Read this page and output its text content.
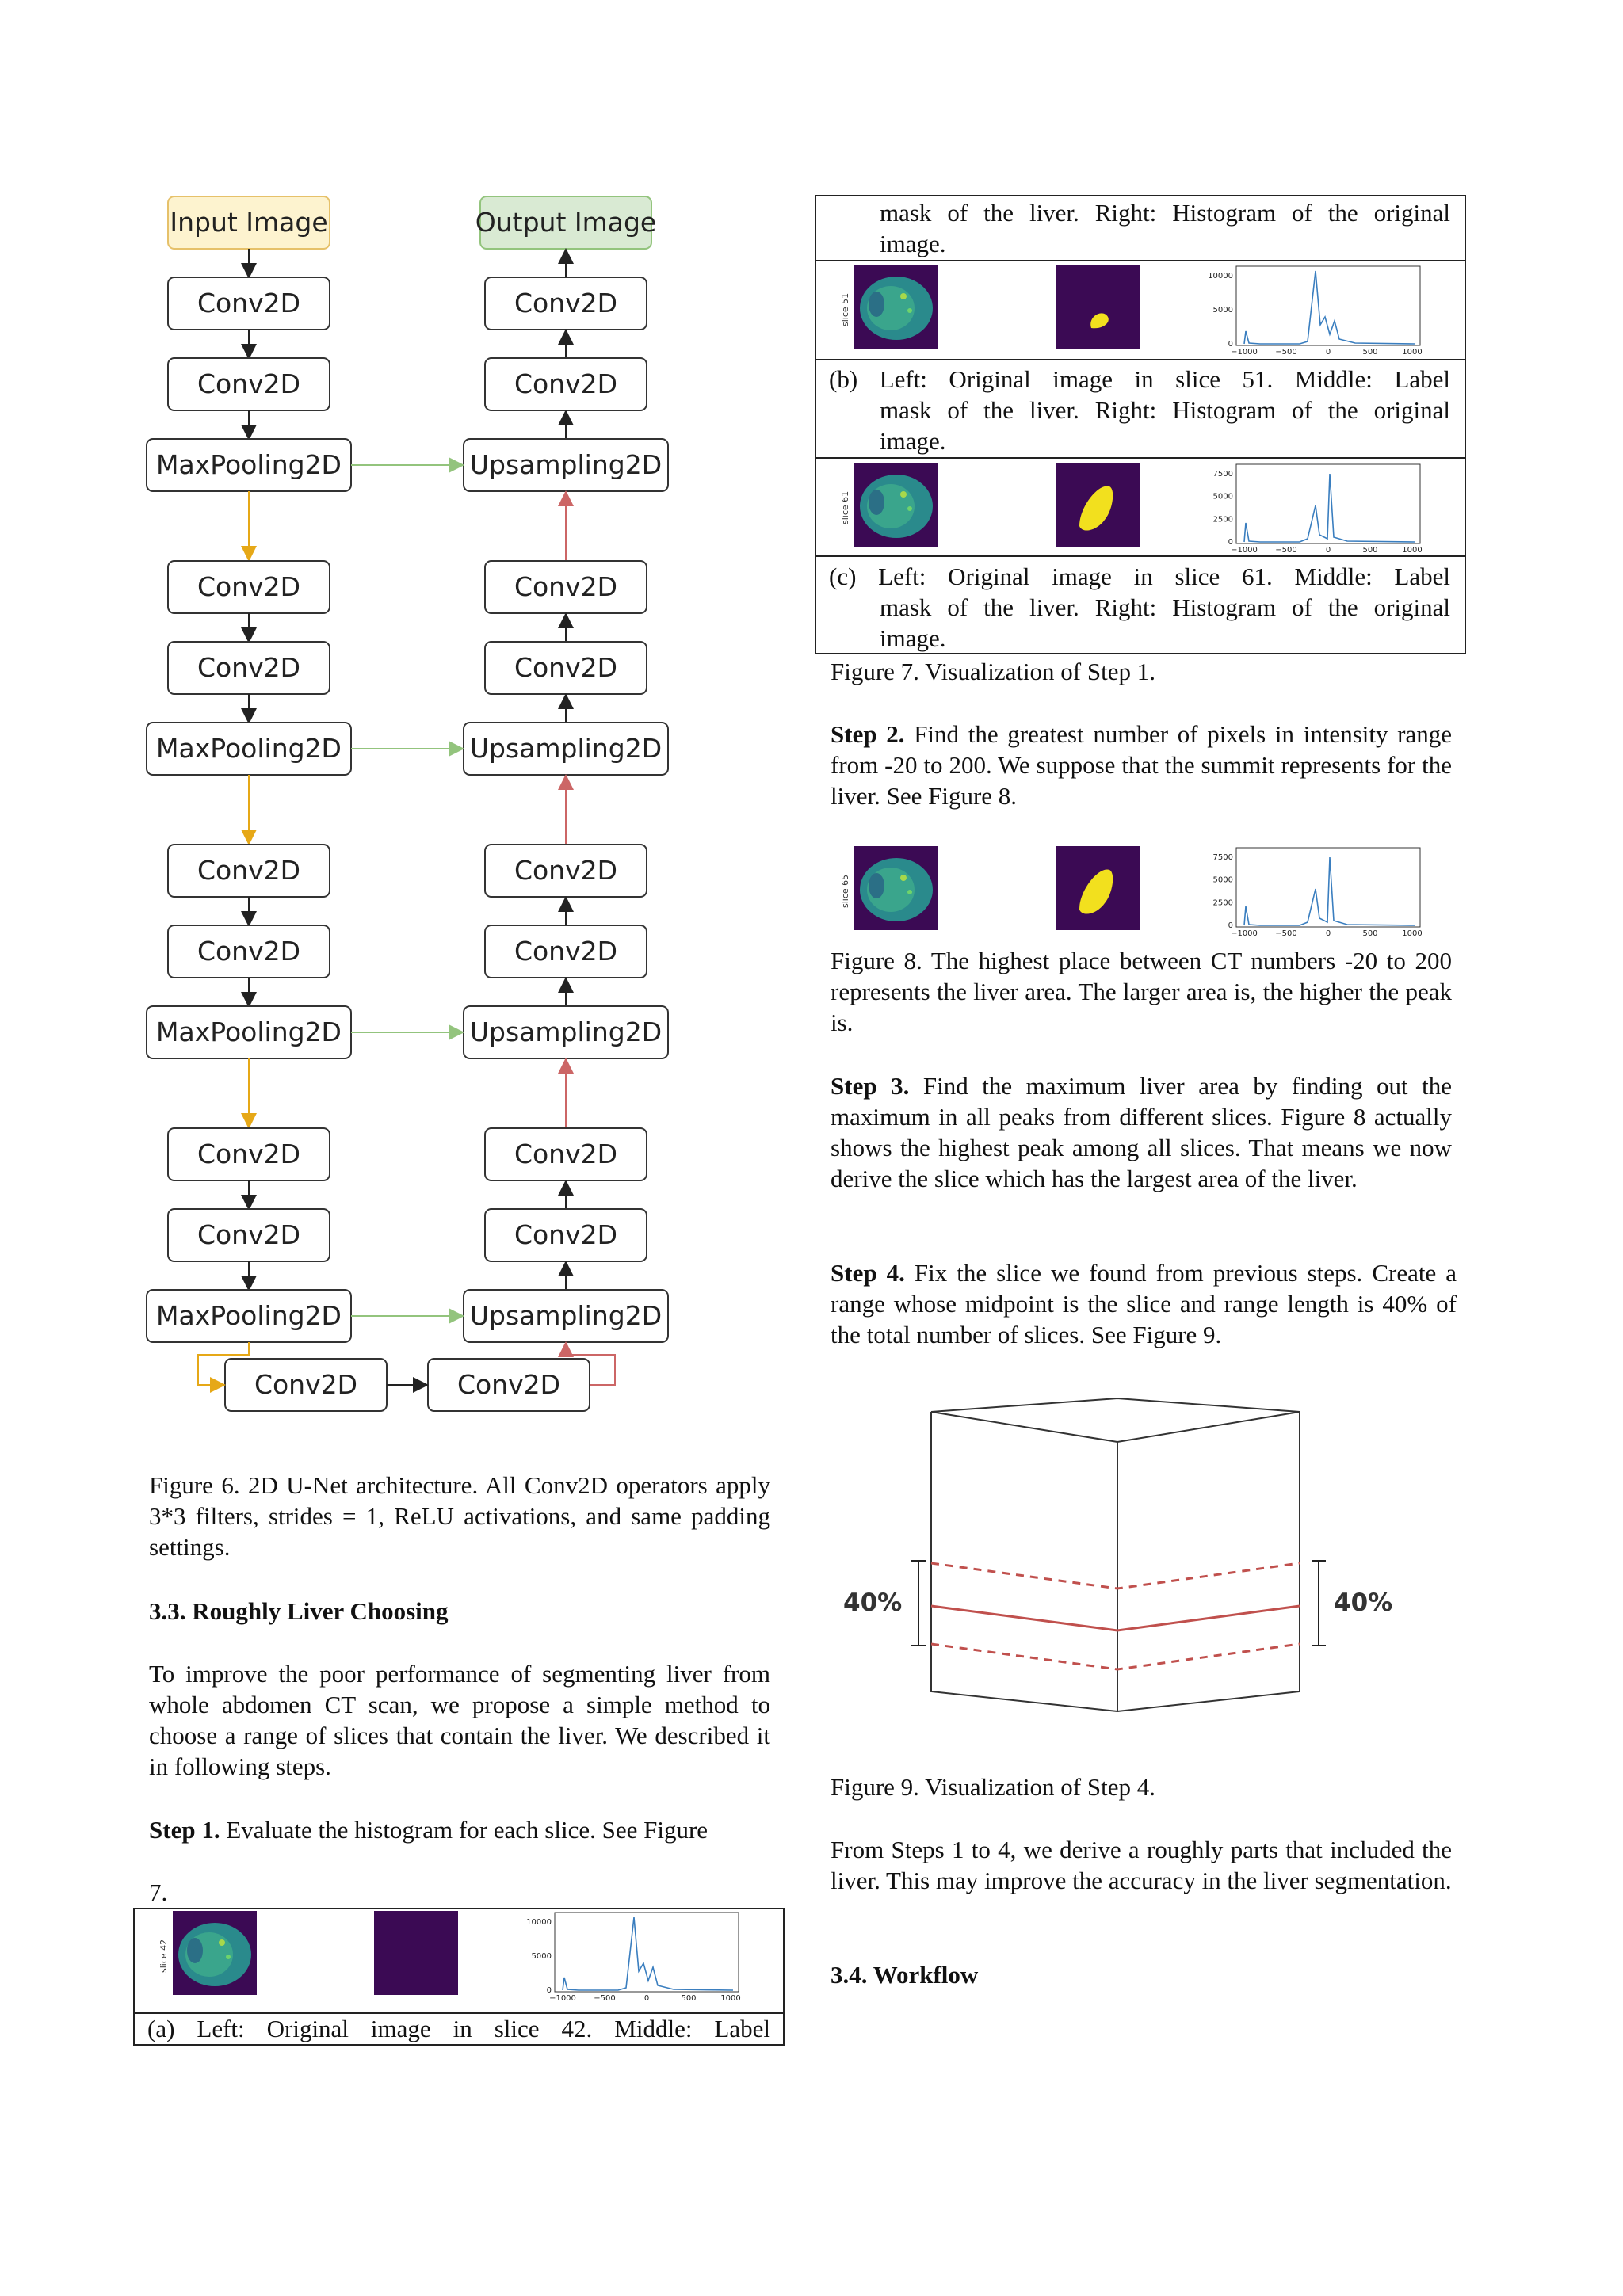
Input Image	Output Image
Conv2D
Conv2D
MaxPooling2D
Conv2D
Conv2D
Upsampling2D
Conv2D
Conv2D
MaxPooling2D
Conv2D
Conv2D
Upsampling2D
Conv2D
Conv2D
MaxPooling2D
Conv2D
Conv2D
Upsampling2D
Conv2D
Conv2D
MaxPooling2D
Conv2D
Conv2D
Upsampling2D
Conv2D	Conv2D
Figure 6. 2D U-Net architecture. All Conv2D operators apply 3*3 filters, strides = 1, ReLU activations, and same padding settings.
3.3. Roughly Liver Choosing
To improve the poor performance of segmenting liver from whole abdomen CT scan, we propose a simple method to choose a range of slices that contain the liver. We described it in following steps.
Step 1. Evaluate the histogram for each slice. See Figure
7.
(a) Left: Original image in slice 42. Middle: Label
mask of the liver. Right: Histogram of the original
image.
(b) Left: Original image in slice 51. Middle: Label
mask of the liver. Right: Histogram of the original
image.
(c) Left: Original image in slice 61. Middle: Label
mask of the liver. Right: Histogram of the original
image.
Figure 7. Visualization of Step 1.
Step 2. Find the greatest number of pixels in intensity range from -20 to 200. We suppose that the summit represents for the liver. See Figure 8.
Figure 8. The highest place between CT numbers -20 to 200 represents the liver area. The larger area is, the higher the peak is.
Step 3. Find the maximum liver area by finding out the maximum in all peaks from different slices. Figure 8 actually shows the highest peak among all slices. That means we now derive the slice which has the largest area of the liver.
Step 4. Fix the slice we found from previous steps. Create a range whose midpoint is the slice and range length is 40% of the total number of slices. See Figure 9.
40%	40%
Figure 9. Visualization of Step 4.
From Steps 1 to 4, we derive a roughly parts that included the liver. This may improve the accuracy in the liver segmentation.
3.4. Workflow
slice 42
10000
5000
0
−1000 −500	0	500	1000
slice 51
10000
5000
0
−1000 −500	0	500	1000
slice 61
7500
5000
2500
0
−1000 −500	0	500	1000
slice 65
7500
5000
2500
0
−1000 −500	0	500	1000
